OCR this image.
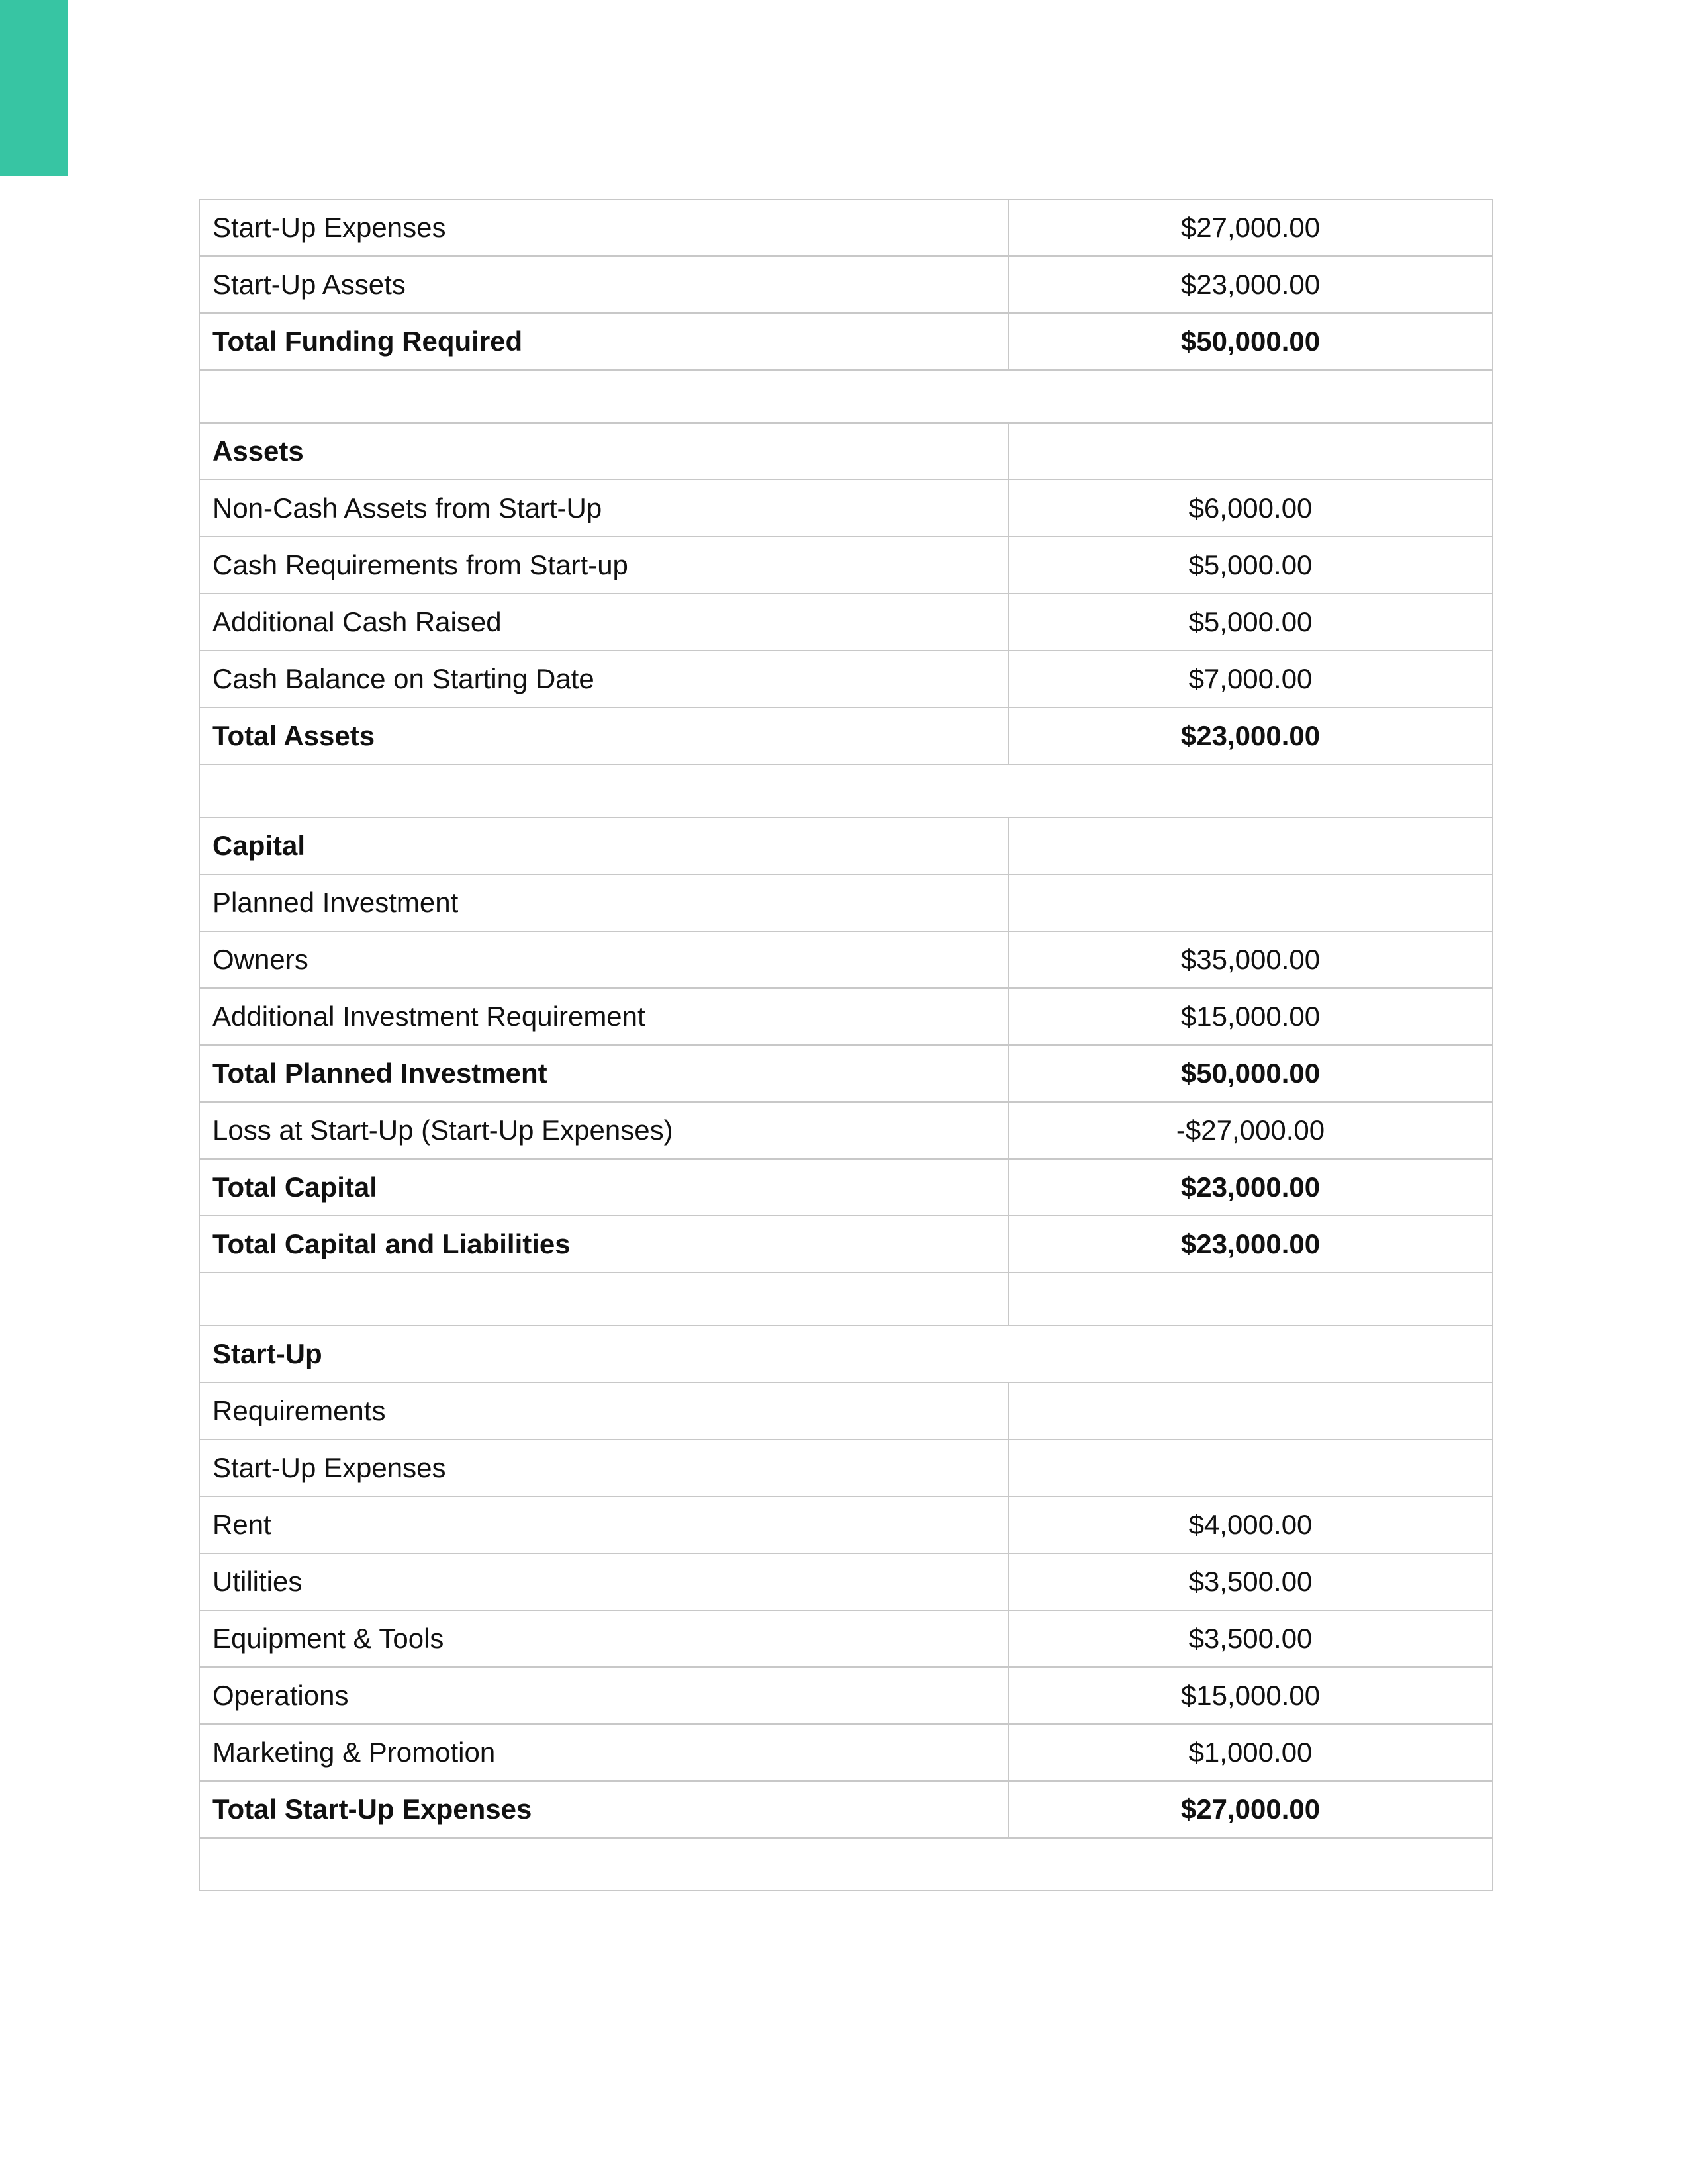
Start-Up Expenses	$27,000.00
Start-Up Assets	$23,000.00
Total Funding Required	$50,000.00

Assets	
Non-Cash Assets from Start-Up	$6,000.00
Cash Requirements from Start-up	$5,000.00
Additional Cash Raised	$5,000.00
Cash Balance on Starting Date	$7,000.00
Total Assets	$23,000.00

Capital	
Planned Investment	
Owners	$35,000.00
Additional Investment Requirement	$15,000.00
Total Planned Investment	$50,000.00
Loss at Start-Up (Start-Up Expenses)	-$27,000.00
Total Capital	$23,000.00
Total Capital and Liabilities	$23,000.00

Start-Up	
Requirements	
Start-Up Expenses	
Rent	$4,000.00
Utilities	$3,500.00
Equipment & Tools	$3,500.00
Operations	$15,000.00
Marketing & Promotion	$1,000.00
Total Start-Up Expenses	$27,000.00
